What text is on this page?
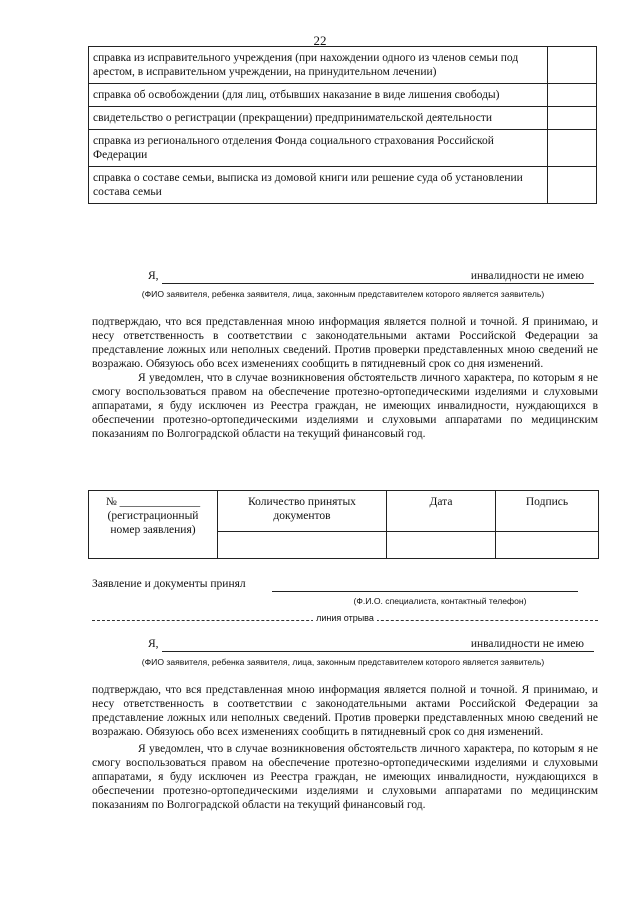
22
справка из исправительного учреждения (при нахождении одного из членов семьи под арестом, в исправительном учреждении, на принудительном лечении)	
справка об освобождении (для лиц, отбывших наказание в виде лишения свободы)	
свидетельство о регистрации (прекращении) предпринимательской деятельности	
справка из регионального отделения Фонда социального страхования Российской Федерации	
справка о составе семьи, выписка из домовой книги или решение суда об установлении состава семьи	
Я,	инвалидности не имею
(ФИО заявителя, ребенка заявителя, лица, законным представителем которого является заявитель)

подтверждаю, что вся представленная мною информация является полной и точной. Я принимаю, и несу ответственность в соответствии с законодательными актами Российской Федерации за представление ложных или неполных сведений. Против проверки представленных мною сведений не возражаю. Обязуюсь обо всех изменениях сообщить в пятидневный срок со дня изменений.

Я уведомлен, что в случае возникновения обстоятельств личного характера, по которым я не смогу воспользоваться правом на обеспечение протезно-ортопедическими изделиями и слуховыми аппаратами, я буду исключен из Реестра граждан, не имеющих инвалидности, нуждающихся в обеспечении протезно-ортопедическими изделиями и слуховыми аппаратами по медицинским показаниям по Волгоградской области на текущий финансовый год.

№ ______________
(регистрационный номер заявления)	Количество принятых документов	Дата	Подпись

Заявление и документы принял
(Ф.И.О. специалиста, контактный телефон)
линия отрыва
Я,	инвалидности не имею
(ФИО заявителя, ребенка заявителя, лица, законным представителем которого является заявитель)

подтверждаю, что вся представленная мною информация является полной и точной. Я принимаю, и несу ответственность в соответствии с законодательными актами Российской Федерации за представление ложных или неполных сведений. Против проверки представленных мною сведений не возражаю. Обязуюсь обо всех изменениях сообщить в пятидневный срок со дня изменений.

Я уведомлен, что в случае возникновения обстоятельств личного характера, по которым я не смогу воспользоваться правом на обеспечение протезно-ортопедическими изделиями и слуховыми аппаратами, я буду исключен из Реестра граждан, не имеющих инвалидности, нуждающихся в обеспечении протезно-ортопедическими изделиями и слуховыми аппаратами по медицинским показаниям по Волгоградской области на текущий финансовый год.
